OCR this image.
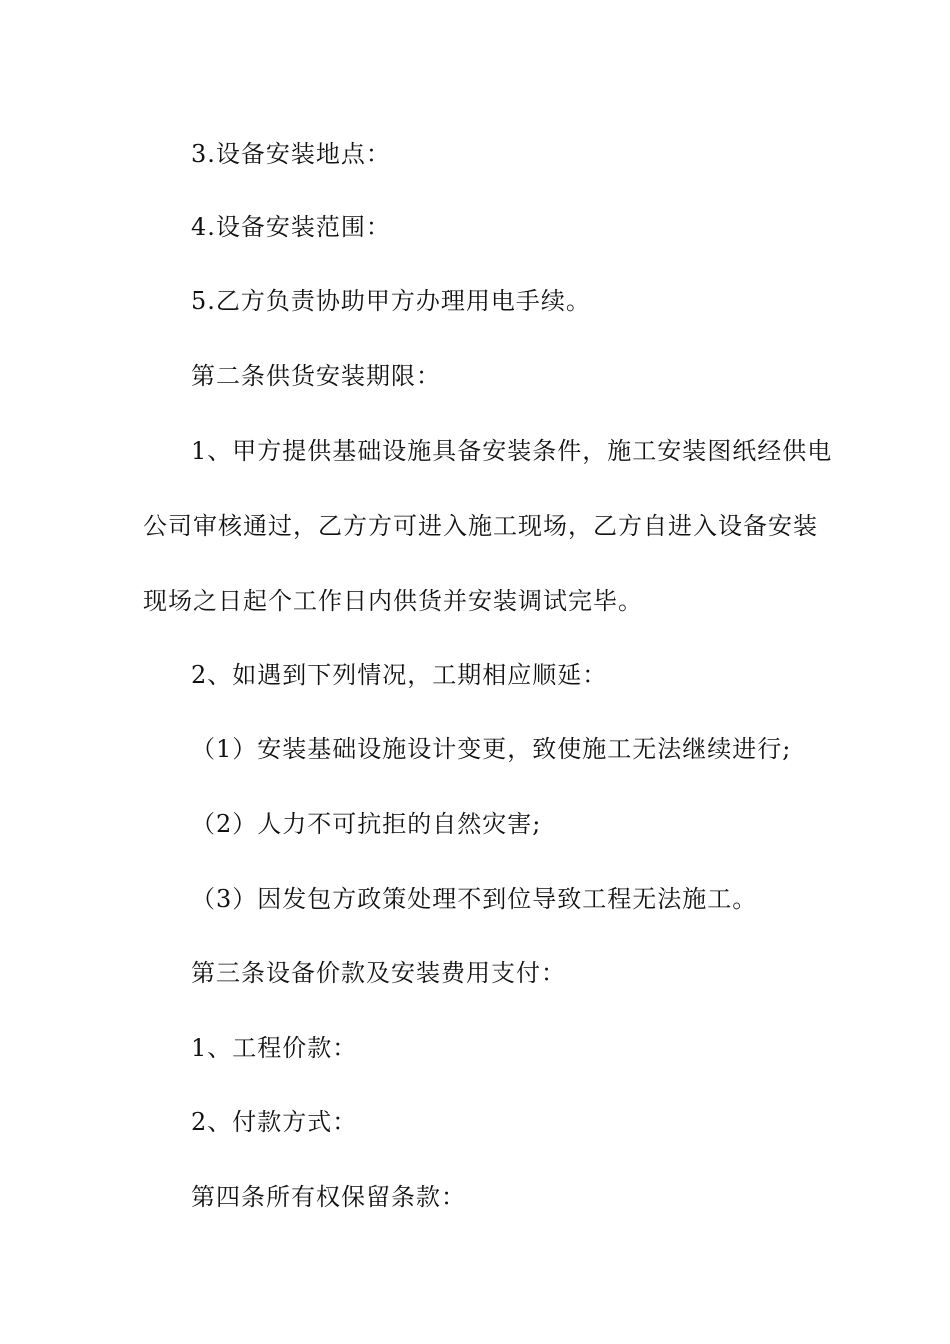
3.设备安装地点：
4.设备安装范围：
5.乙方负责协助甲方办理用电手续。
第二条供货安装期限：
1、甲方提供基础设施具备安装条件，施工安装图纸经供电
公司审核通过，乙方方可进入施工现场，乙方自进入设备安装
现场之日起个工作日内供货并安装调试完毕。
2、如遇到下列情况，工期相应顺延：
（1）安装基础设施设计变更，致使施工无法继续进行;
（2）人力不可抗拒的自然灾害;
（3）因发包方政策处理不到位导致工程无法施工。
第三条设备价款及安装费用支付：
1、工程价款：
2、付款方式：
第四条所有权保留条款：
